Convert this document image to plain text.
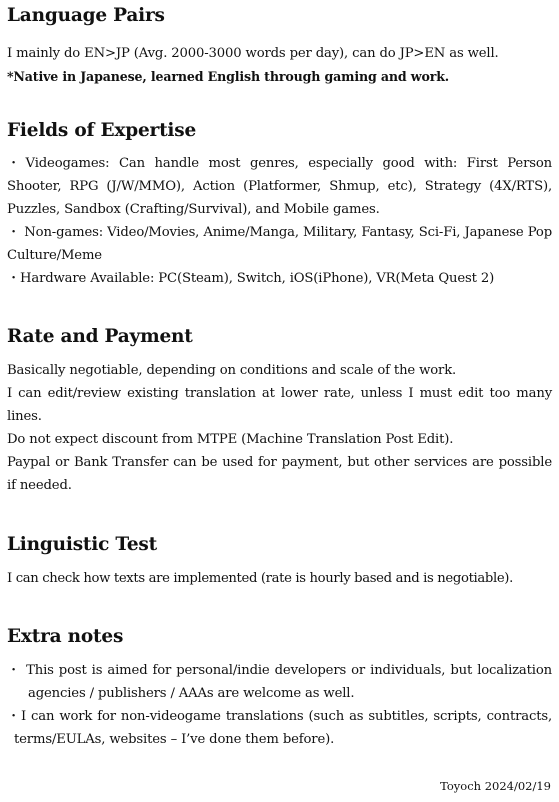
Language Pairs

I mainly do EN>JP (Avg. 2000-3000 words per day), can do JP>EN as well.

*Native in Japanese, learned English through gaming and work.

Fields of Expertise

・Videogames: Can handle most genres, especially good with: First Person Shooter, RPG (J/W/MMO), Action (Platformer, Shmup, etc), Strategy (4X/RTS), Puzzles, Sandbox (Crafting/Survival), and Mobile games.

・ Non-games: Video/Movies, Anime/Manga, Military, Fantasy, Sci-Fi, Japanese Pop Culture/Meme

・Hardware Available: PC(Steam), Switch, iOS(iPhone), VR(Meta Quest 2)

Rate and Payment

Basically negotiable, depending on conditions and scale of the work.

I can edit/review existing translation at lower rate, unless I must edit too many lines.

Do not expect discount from MTPE (Machine Translation Post Edit).

Paypal or Bank Transfer can be used for payment, but other services are possible if needed.

Linguistic Test

I can check how texts are implemented (rate is hourly based and is negotiable).

Extra notes

・ This post is aimed for personal/indie developers or individuals, but localization agencies / publishers / AAAs are welcome as well.

・I can work for non-videogame translations (such as subtitles, scripts, contracts, terms/EULAs, websites – I’ve done them before).

Toyoch 2024/02/19
